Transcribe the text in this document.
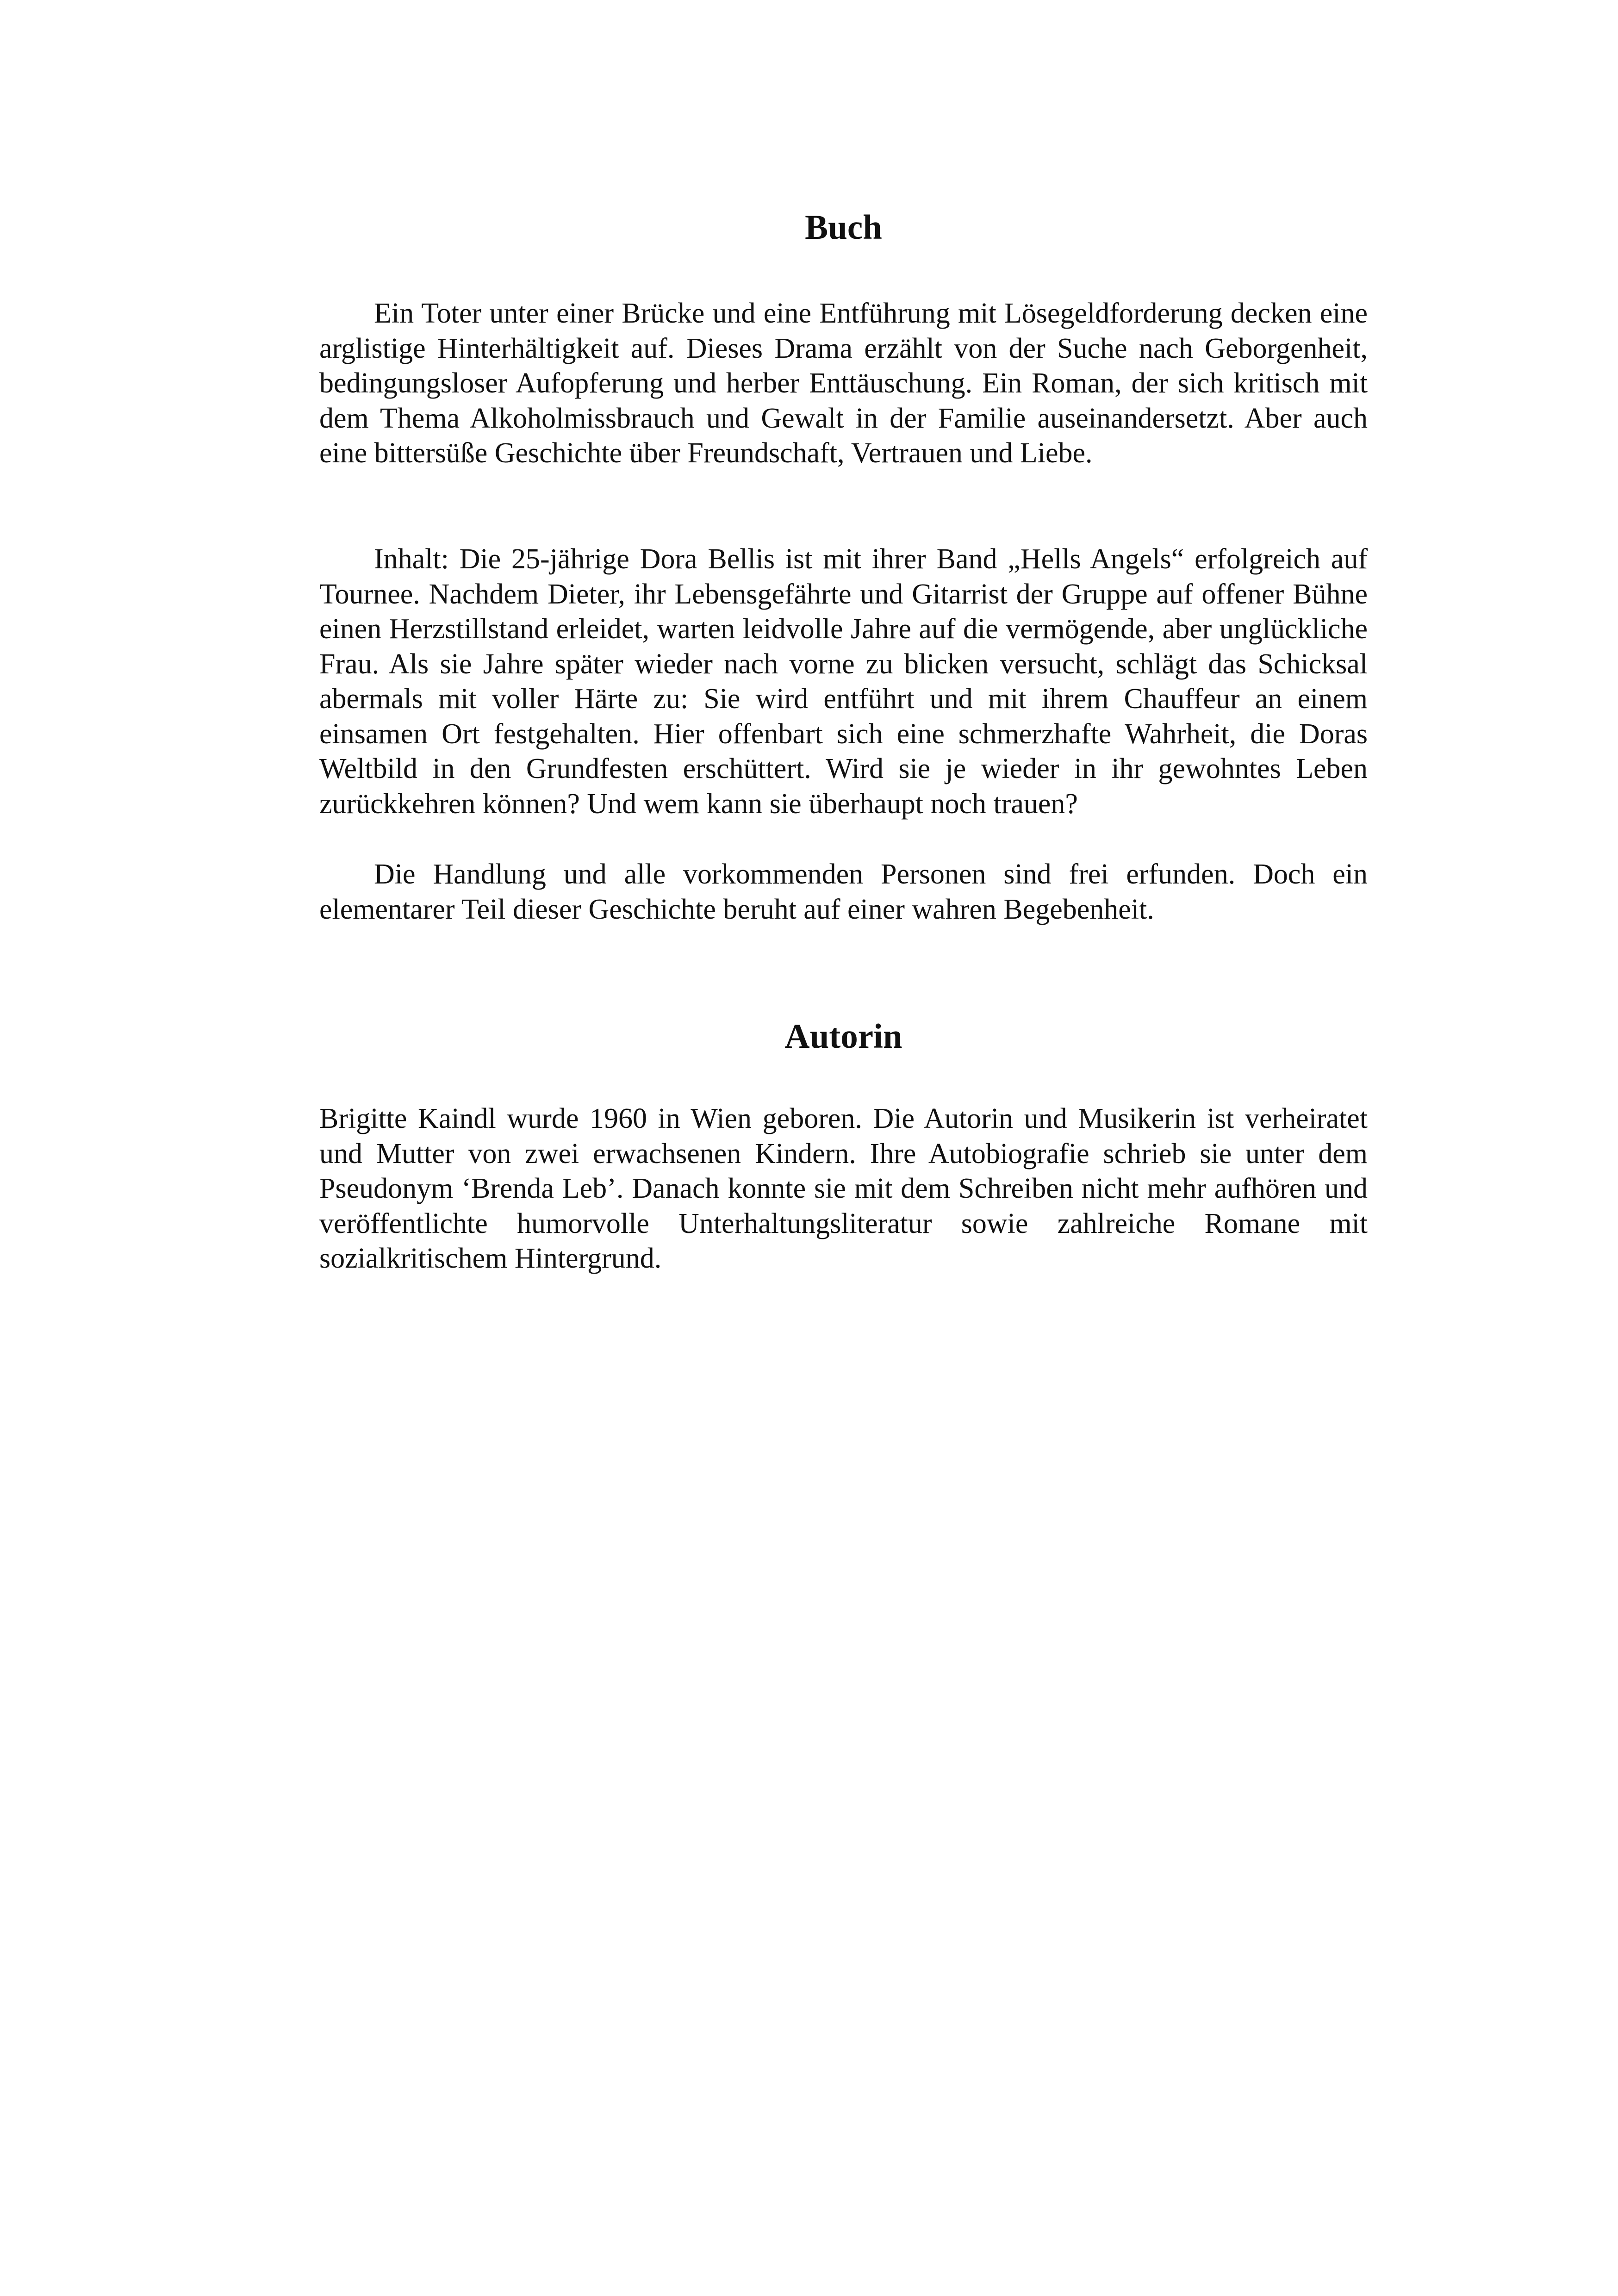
Buch

Ein Toter unter einer Brücke und eine Entführung mit Lösegeldforderung decken eine arglistige Hinterhältigkeit auf. Dieses Drama erzählt von der Suche nach Geborgenheit, bedingungsloser Aufopferung und herber Enttäuschung. Ein Roman, der sich kritisch mit dem Thema Alkoholmissbrauch und Gewalt in der Familie auseinandersetzt. Aber auch eine bittersüße Geschichte über Freundschaft, Vertrauen und Liebe.

Inhalt: Die 25-jährige Dora Bellis ist mit ihrer Band „Hells Angels“ erfolgreich auf Tournee. Nachdem Dieter, ihr Lebensgefährte und Gitarrist der Gruppe auf offener Bühne einen Herzstillstand erleidet, warten leidvolle Jahre auf die vermögende, aber unglückliche Frau. Als sie Jahre später wieder nach vorne zu blicken versucht, schlägt das Schicksal abermals mit voller Härte zu: Sie wird entführt und mit ihrem Chauffeur an einem einsamen Ort festgehalten. Hier offenbart sich eine schmerzhafte Wahrheit, die Doras Weltbild in den Grundfesten erschüttert. Wird sie je wieder in ihr gewohntes Leben zurückkehren können? Und wem kann sie überhaupt noch trauen?

Die Handlung und alle vorkommenden Personen sind frei erfunden. Doch ein elementarer Teil dieser Geschichte beruht auf einer wahren Begebenheit.

Autorin

Brigitte Kaindl wurde 1960 in Wien geboren. Die Autorin und Musikerin ist verheiratet und Mutter von zwei erwachsenen Kindern. Ihre Autobiografie schrieb sie unter dem Pseudonym ‘Brenda Leb’. Danach konnte sie mit dem Schreiben nicht mehr aufhören und veröffentlichte humorvolle Unterhaltungsliteratur sowie zahlreiche Romane mit sozialkritischem Hintergrund.
